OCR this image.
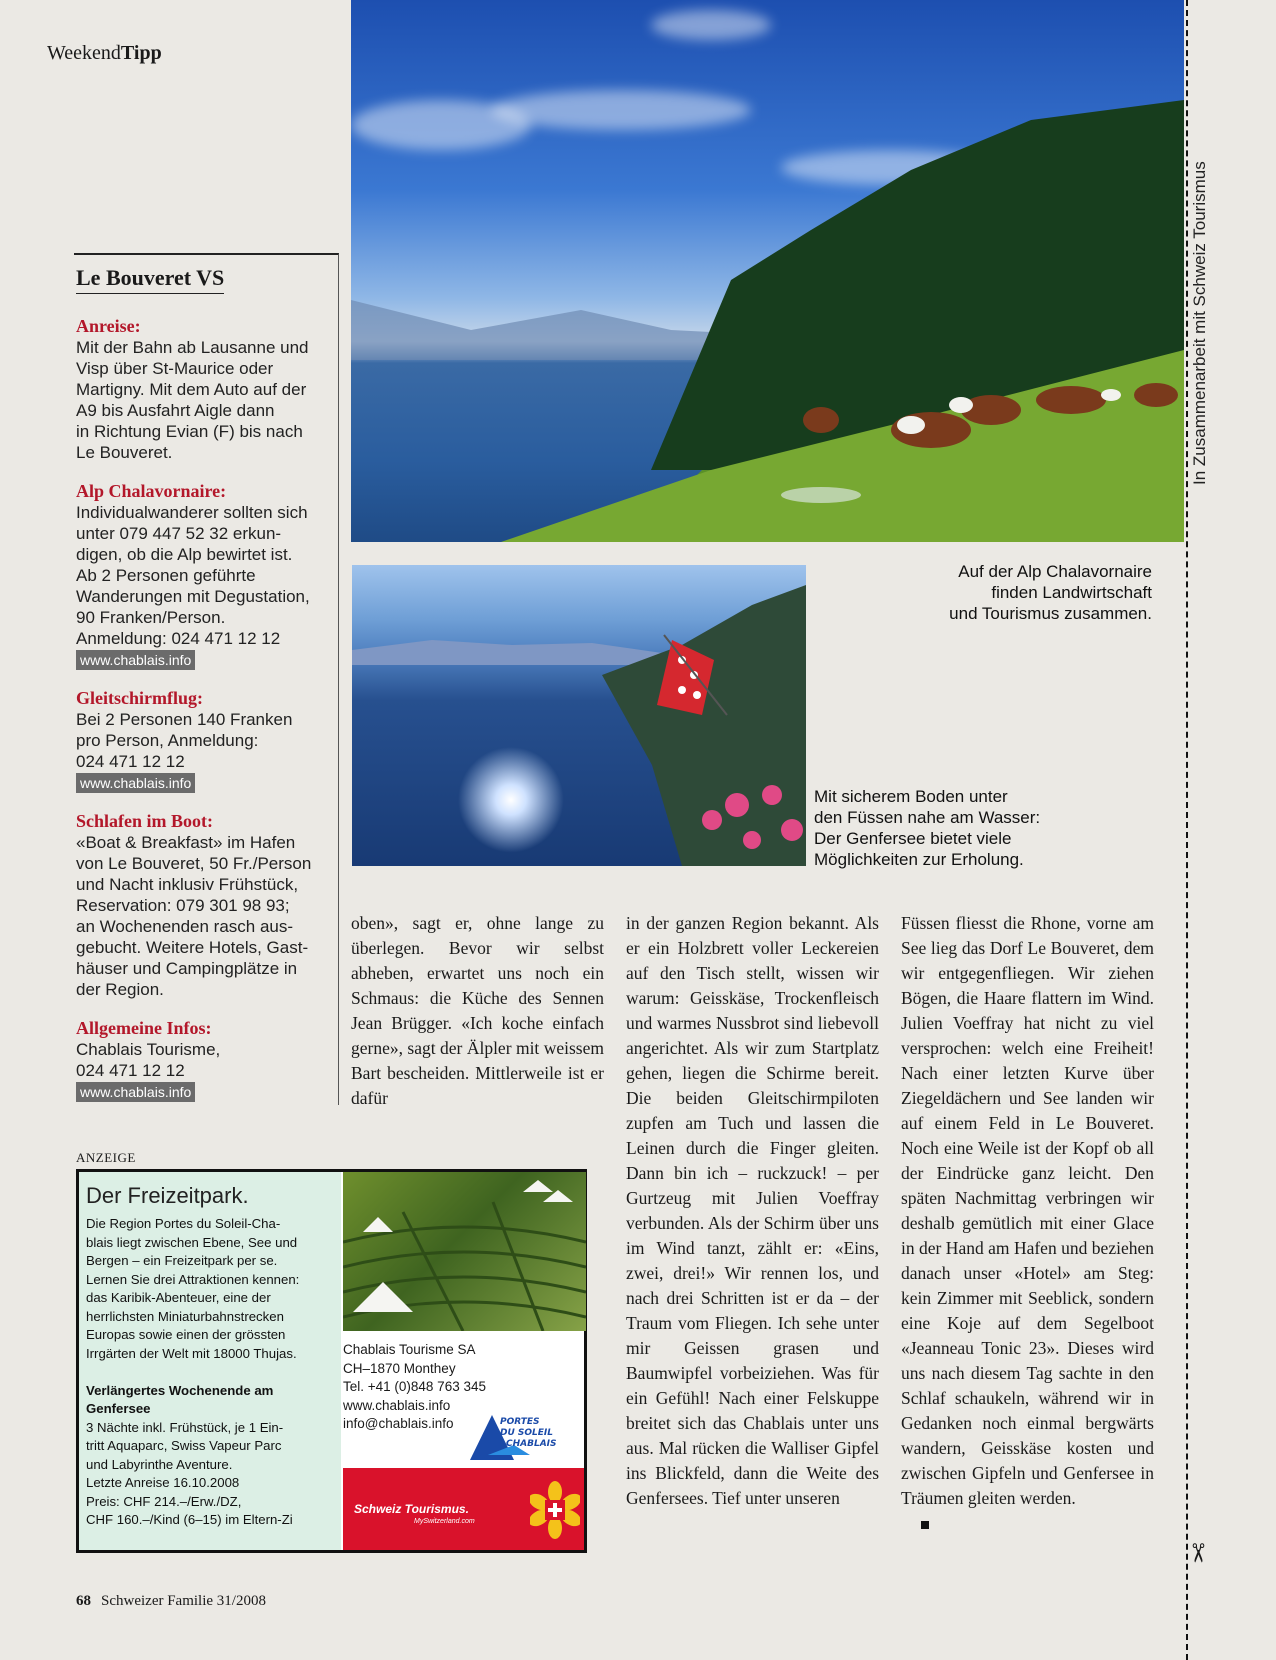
WeekendTipp
Auf der Alp Chalavornaire
finden Landwirtschaft
und Tourismus zusammen.
Mit sicherem Boden unter
den Füssen nahe am Wasser:
Der Genfersee bietet viele
Möglichkeiten zur Erholung.
Le Bouveret VS
Anreise:

Mit der Bahn ab Lausanne und
Visp über St-Maurice oder
Martigny. Mit dem Auto auf der
A9 bis Ausfahrt Aigle dann
in Richtung Evian (F) bis nach
Le Bouveret.

Alp Chalavornaire:

Individualwanderer sollten sich
unter 079 447 52 32 erkun-
digen, ob die Alp bewirtet ist.
Ab 2 Personen geführte
Wanderungen mit Degustation,
90 Franken/Person.
Anmeldung: 024 471 12 12

www.chablais.info
Gleitschirmflug:

Bei 2 Personen 140 Franken
pro Person, Anmeldung:
024 471 12 12

www.chablais.info
Schlafen im Boot:

«Boat & Breakfast» im Hafen
von Le Bouveret, 50 Fr./Person
und Nacht inklusiv Frühstück,
Reservation: 079 301 98 93;
an Wochenenden rasch aus-
gebucht. Weitere Hotels, Gast-
häuser und Campingplätze in
der Region.

Allgemeine Infos:

Chablais Tourisme,
024 471 12 12

www.chablais.info

oben», sagt er, ohne lange zu überlegen. Bevor wir selbst abheben, erwartet uns noch ein Schmaus: die Küche des Sennen Jean Brügger. «Ich koche einfach gerne», sagt der Älpler mit weissem Bart bescheiden. Mittlerweile ist er dafür

in der ganzen Region bekannt. Als er ein Holzbrett voller Leckereien auf den Tisch stellt, wissen wir warum: Geisskäse, Trockenfleisch und warmes Nussbrot sind liebevoll angerichtet. Als wir zum Startplatz gehen, liegen die Schirme bereit. Die beiden Gleitschirmpiloten zupfen am Tuch und lassen die Leinen durch die Finger gleiten. Dann bin ich – ruckzuck! – per Gurtzeug mit Julien Voeffray verbunden. Als der Schirm über uns im Wind tanzt, zählt er: «Eins, zwei, drei!» Wir rennen los, und nach drei Schritten ist er da – der Traum vom Fliegen. Ich sehe unter mir Geissen grasen und Baumwipfel vorbeiziehen. Was für ein Gefühl! Nach einer Felskuppe breitet sich das Chablais unter uns aus. Mal rücken die Walliser Gipfel ins Blickfeld, dann die Weite des Genfersees. Tief unter unseren

Füssen fliesst die Rhone, vorne am See lieg das Dorf Le Bouveret, dem wir entgegenfliegen. Wir ziehen Bögen, die Haare flattern im Wind. Julien Voeffray hat nicht zu viel versprochen: welch eine Freiheit! Nach einer letzten Kurve über Ziegeldächern und See landen wir auf einem Feld in Le Bouveret. Noch eine Weile ist der Kopf ob all der Eindrücke ganz leicht. Den späten Nachmittag verbringen wir deshalb gemütlich mit einer Glace in der Hand am Hafen und beziehen danach unser «Hotel» am Steg: kein Zimmer mit Seeblick, sondern eine Koje auf dem Segelboot «Jeanneau Tonic 23». Dieses wird uns nach diesem Tag sachte in den Schlaf schaukeln, während wir in Gedanken noch einmal bergwärts wandern, Geisskäse kosten und zwischen Gipfeln und Genfersee in Träumen gleiten werden.

ANZEIGE
Der Freizeitpark.
Die Region Portes du Soleil-Cha-
blais liegt zwischen Ebene, See und
Bergen – ein Freizeitpark per se.
Lernen Sie drei Attraktionen kennen:
das Karibik-Abenteuer, eine der
herrlichsten Miniaturbahnstrecken
Europas sowie einen der grössten
Irrgärten der Welt mit 18000 Thujas.

Verlängertes Wochenende am
Genfersee
3 Nächte inkl. Frühstück, je 1 Ein-
tritt Aquaparc, Swiss Vapeur Parc
und Labyrinthe Aventure.
Letzte Anreise 16.10.2008
Preis: CHF 214.–/Erw./DZ,
CHF 160.–/Kind (6–15) im Eltern-Zi
Chablais Tourisme SA
CH–1870 Monthey
Tel. +41 (0)848 763 345
www.chablais.info
info@chablais.info	PORTES
DU SOLEIL
CHABLAIS
Schweiz Tourismus.
MySwitzerland.com
In Zusammenarbeit mit Schweiz Tourismus
✂
68 Schweizer Familie 31/2008
